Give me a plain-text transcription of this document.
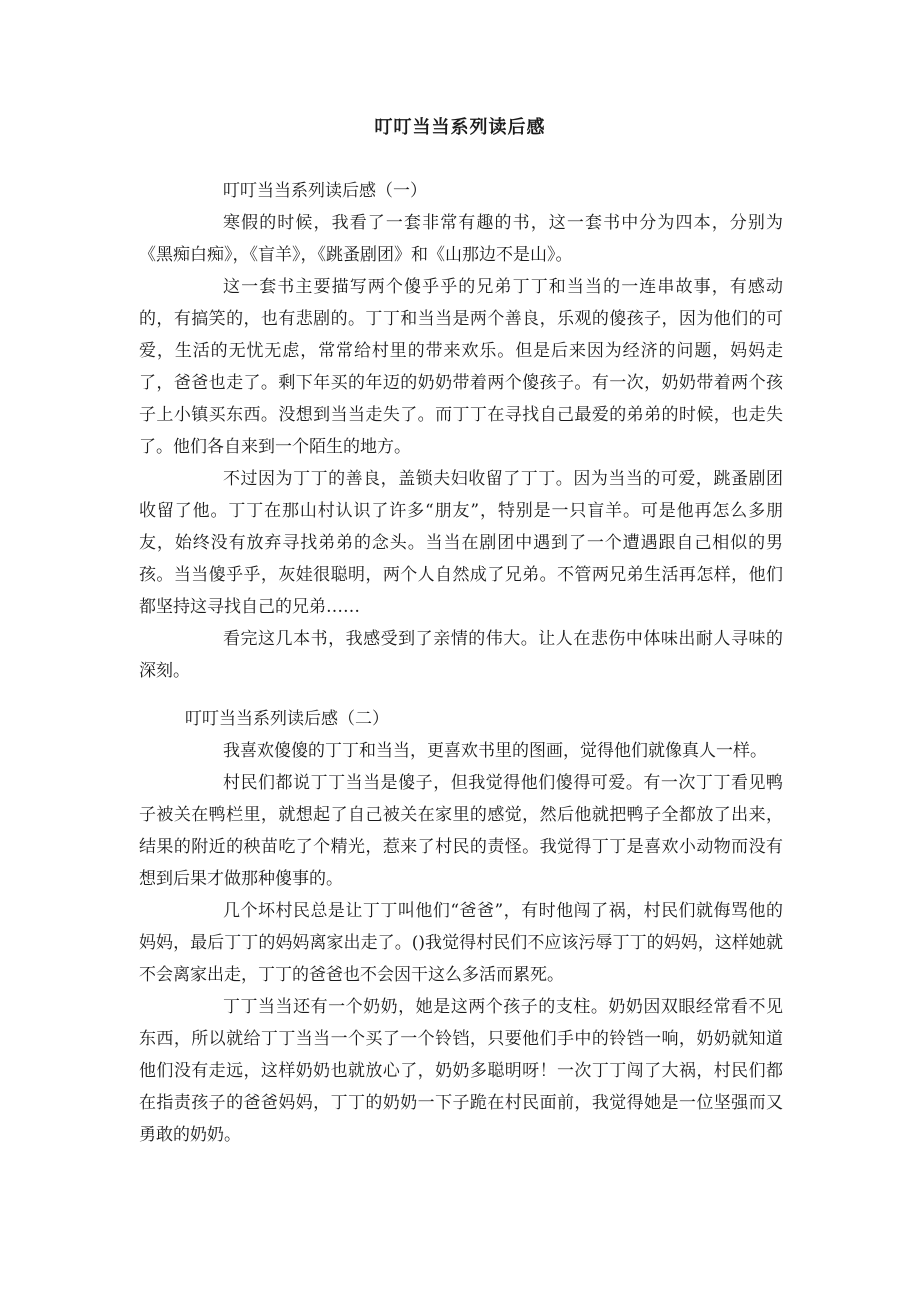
叮叮当当系列读后感

叮叮当当系列读后感（一）

寒假的时候，我看了一套非常有趣的书，这一套书中分为四本，分别为《黑痴白痴》，《盲羊》，《跳蚤剧团》和《山那边不是山》。

这一套书主要描写两个傻乎乎的兄弟丁丁和当当的一连串故事，有感动的，有搞笑的，也有悲剧的。丁丁和当当是两个善良，乐观的傻孩子，因为他们的可爱，生活的无忧无虑，常常给村里的带来欢乐。但是后来因为经济的问题，妈妈走了，爸爸也走了。剩下年买的年迈的奶奶带着两个傻孩子。有一次，奶奶带着两个孩子上小镇买东西。没想到当当走失了。而丁丁在寻找自己最爱的弟弟的时候，也走失了。他们各自来到一个陌生的地方。

不过因为丁丁的善良，盖锁夫妇收留了丁丁。因为当当的可爱，跳蚤剧团收留了他。丁丁在那山村认识了许多“朋友”，特别是一只盲羊。可是他再怎么多朋友，始终没有放弃寻找弟弟的念头。当当在剧团中遇到了一个遭遇跟自己相似的男孩。当当傻乎乎，灰娃很聪明，两个人自然成了兄弟。不管两兄弟生活再怎样，他们都坚持这寻找自己的兄弟……

看完这几本书，我感受到了亲情的伟大。让人在悲伤中体味出耐人寻味的深刻。

叮叮当当系列读后感（二）

我喜欢傻傻的丁丁和当当，更喜欢书里的图画，觉得他们就像真人一样。

村民们都说丁丁当当是傻子，但我觉得他们傻得可爱。有一次丁丁看见鸭子被关在鸭栏里，就想起了自己被关在家里的感觉，然后他就把鸭子全都放了出来，结果的附近的秧苗吃了个精光，惹来了村民的责怪。我觉得丁丁是喜欢小动物而没有想到后果才做那种傻事的。

几个坏村民总是让丁丁叫他们“爸爸”，有时他闯了祸，村民们就侮骂他的妈妈，最后丁丁的妈妈离家出走了。()我觉得村民们不应该污辱丁丁的妈妈，这样她就不会离家出走，丁丁的爸爸也不会因干这么多活而累死。

丁丁当当还有一个奶奶，她是这两个孩子的支柱。奶奶因双眼经常看不见东西，所以就给丁丁当当一个买了一个铃铛，只要他们手中的铃铛一响，奶奶就知道他们没有走远，这样奶奶也就放心了，奶奶多聪明呀！一次丁丁闯了大祸，村民们都在指责孩子的爸爸妈妈，丁丁的奶奶一下子跪在村民面前，我觉得她是一位坚强而又勇敢的奶奶。
